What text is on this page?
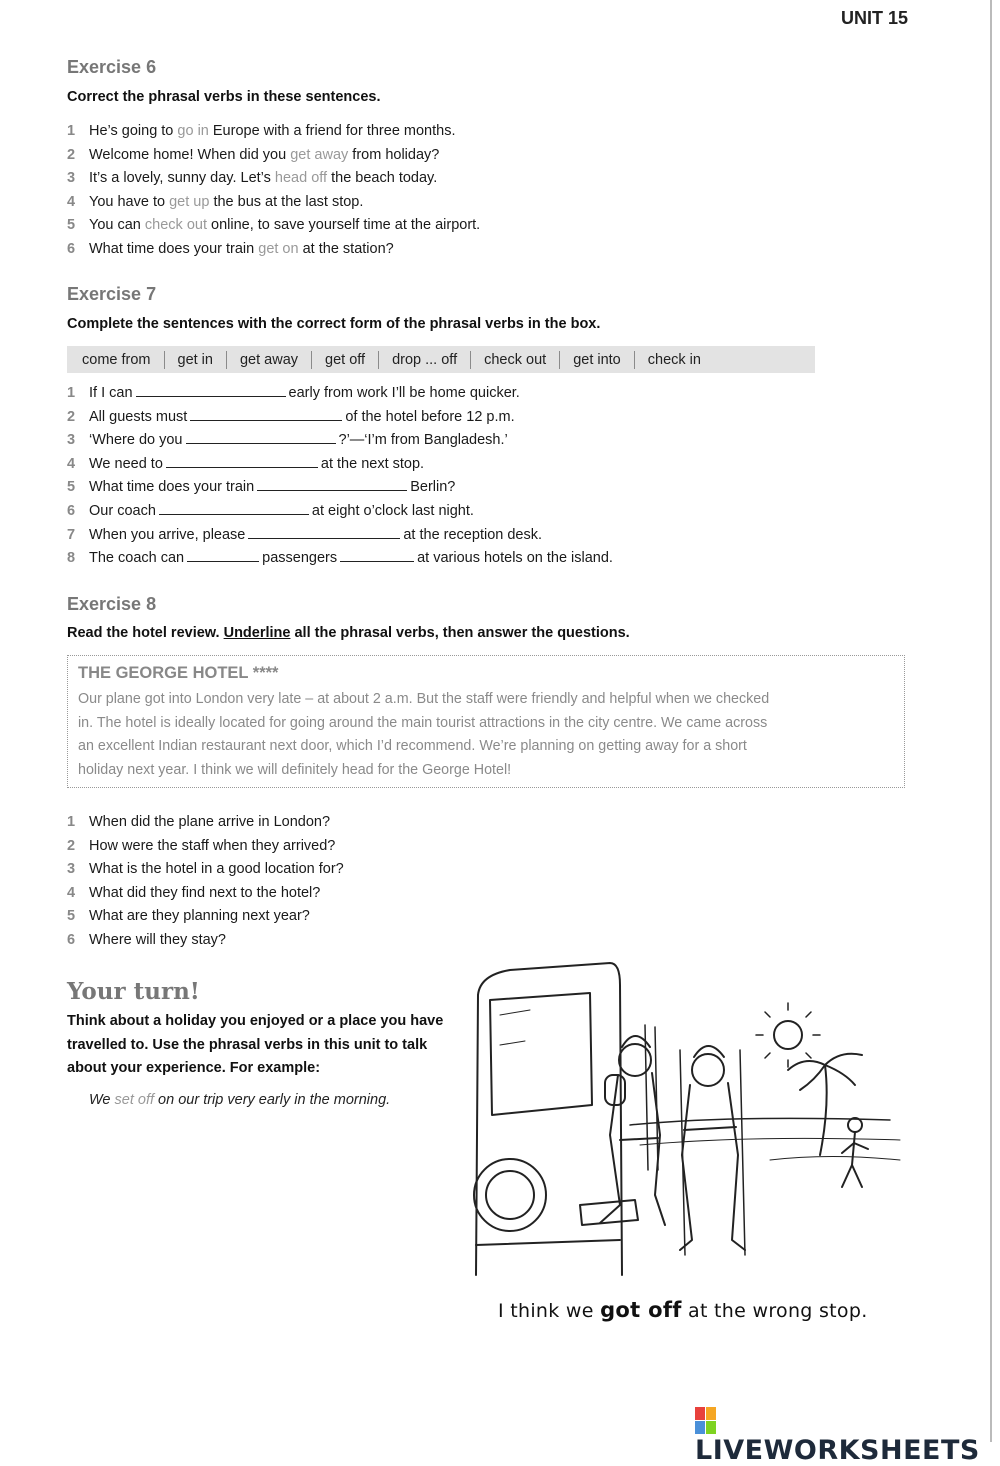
UNIT 15
Exercise 6
Correct the phrasal verbs in these sentences.
1 He’s going to go in Europe with a friend for three months.
2 Welcome home! When did you get away from holiday?
3 It’s a lovely, sunny day. Let’s head off the beach today.
4 You have to get up the bus at the last stop.
5 You can check out online, to save yourself time at the airport.
6 What time does your train get on at the station?
Exercise 7
Complete the sentences with the correct form of the phrasal verbs in the box.
come from	get in	get away	get off	drop ... off	check out	get into	check in
1 If I can	early from work I’ll be home quicker.
2 All guests must	of the hotel before 12 p.m.
3 ‘Where do you	?’—‘I’m from Bangladesh.’
4 We need to	at the next stop.
5 What time does your train	Berlin?
6 Our coach	at eight o’clock last night.
7 When you arrive, please	at the reception desk.
8 The coach can	passengers	at various hotels on the island.
Exercise 8
Read the hotel review. Underline all the phrasal verbs, then answer the questions.
THE GEORGE HOTEL ****
Our plane got into London very late – at about 2 a.m. But the staff were friendly and helpful when we checked
in. The hotel is ideally located for going around the main tourist attractions in the city centre. We came across
an excellent Indian restaurant next door, which I’d recommend. We’re planning on getting away for a short
holiday next year. I think we will definitely head for the George Hotel!
1 When did the plane arrive in London?
2 How were the staff when they arrived?
3 What is the hotel in a good location for?
4 What did they find next to the hotel?
5 What are they planning next year?
6 Where will they stay?
Your turn!
Think about a holiday you enjoyed or a place you have travelled to. Use the phrasal verbs in this unit to talk about your experience. For example:
We set off on our trip very early in the morning.
I think we got off at the wrong stop.
LIVEWORKSHEETS
